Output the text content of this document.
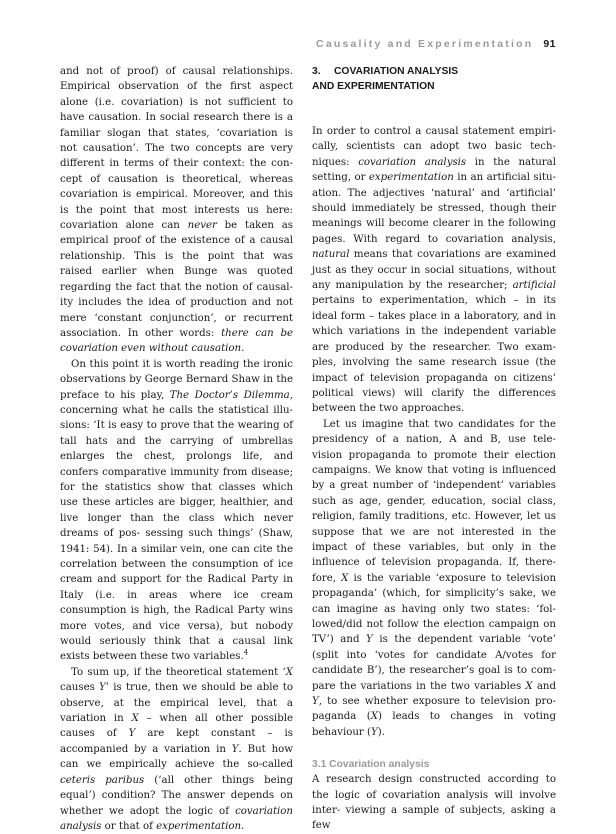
Causality and Experimentation 91

and not of proof) of causal relationships. Empirical observation of the first aspect alone (i.e. covariation) is not sufficient to have causation. In social research there is a familiar slogan that states, ‘covariation is not causation’. The two concepts are very different in terms of their context: the con- cept of causation is theoretical, whereas covariation is empirical. Moreover, and this is the point that most interests us here: covariation alone can never be taken as empirical proof of the existence of a causal relationship. This is the point that was raised earlier when Bunge was quoted regarding the fact that the notion of causal- ity includes the idea of production and not mere ‘constant conjunction’, or recurrent association. In other words: there can be covariation even without causation.

On this point it is worth reading the ironic observations by George Bernard Shaw in the preface to his play, The Doctor’s Dilemma, concerning what he calls the statistical illu- sions: ‘It is easy to prove that the wearing of tall hats and the carrying of umbrellas enlarges the chest, prolongs life, and confers comparative immunity from disease; for the statistics show that classes which use these articles are bigger, healthier, and live longer than the class which never dreams of pos- sessing such things’ (Shaw, 1941: 54). In a similar vein, one can cite the correlation between the consumption of ice cream and support for the Radical Party in Italy (i.e. in areas where ice cream consumption is high, the Radical Party wins more votes, and vice versa), but nobody would seriously think that a causal link exists between these two variables.$^4$

To sum up, if the theoretical statement ‘X causes Y’ is true, then we should be able to observe, at the empirical level, that a variation in X – when all other possible causes of Y are kept constant – is accompanied by a variation in Y. But how can we empirically achieve the so-called ceteris paribus (‘all other things being equal’) condition? The answer depends on whether we adopt the logic of covariation analysis or that of experimentation.

3. COVARIATION ANALYSIS
AND EXPERIMENTATION

In order to control a causal statement empiri- cally, scientists can adopt two basic tech- niques: covariation analysis in the natural setting, or experimentation in an artificial situ- ation. The adjectives ‘natural’ and ‘artificial’ should immediately be stressed, though their meanings will become clearer in the following pages. With regard to covariation analysis, natural means that covariations are examined just as they occur in social situations, without any manipulation by the researcher; artificial pertains to experimentation, which – in its ideal form – takes place in a laboratory, and in which variations in the independent variable are produced by the researcher. Two exam- ples, involving the same research issue (the impact of television propaganda on citizens’ political views) will clarify the differences between the two approaches.

Let us imagine that two candidates for the presidency of a nation, A and B, use tele- vision propaganda to promote their election campaigns. We know that voting is influenced by a great number of ‘independent’ variables such as age, gender, education, social class, religion, family traditions, etc. However, let us suppose that we are not interested in the impact of these variables, but only in the influence of television propaganda. If, there- fore, X is the variable ‘exposure to television propaganda’ (which, for simplicity’s sake, we can imagine as having only two states: ‘fol- lowed/did not follow the election campaign on TV’) and Y is the dependent variable ‘vote’ (split into ‘votes for candidate A/votes for candidate B’), the researcher’s goal is to com- pare the variations in the two variables X and Y, to see whether exposure to television pro- paganda (X) leads to changes in voting behaviour (Y).

3.1 Covariation analysis

A research design constructed according to the logic of covariation analysis will involve inter- viewing a sample of subjects, asking a few
